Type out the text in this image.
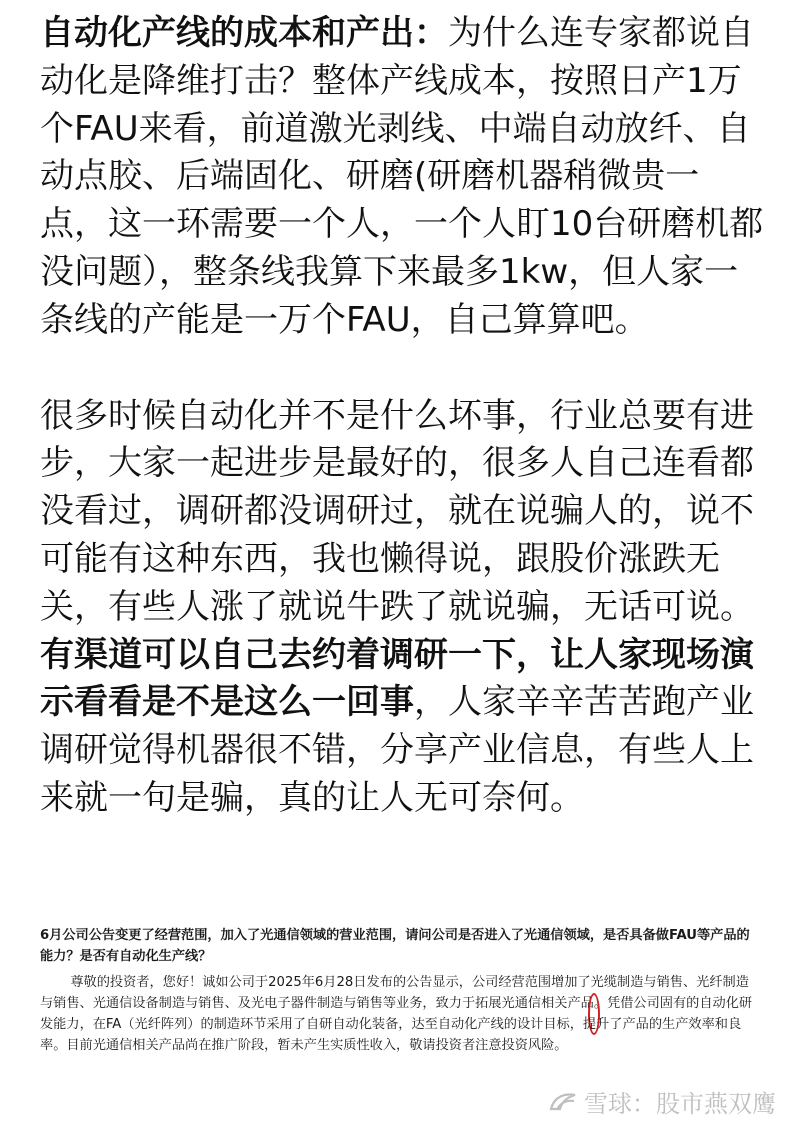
自动化产线的成本和产出：为什么连专家都说自动化是降维打击？整体产线成本，按照日产1万个FAU来看，前道激光剥线、中端自动放纤、自动点胶、后端固化、研磨(研磨机器稍微贵一点，这一环需要一个人，一个人盯10台研磨机都没问题），整条线我算下来最多1kw，但人家一条线的产能是一万个FAU，自己算算吧。

很多时候自动化并不是什么坏事，行业总要有进步，大家一起进步是最好的，很多人自己连看都没看过，调研都没调研过，就在说骗人的，说不可能有这种东西，我也懒得说，跟股价涨跌无关，有些人涨了就说牛跌了就说骗，无话可说。

有渠道可以自己去约着调研一下，让人家现场演示看看是不是这么一回事，人家辛辛苦苦跑产业调研觉得机器很不错，分享产业信息，有些人上来就一句是骗，真的让人无可奈何。

6月公司公告变更了经营范围，加入了光通信领域的营业范围，请问公司是否进入了光通信领域，是否具备做FAU等产品的能力？是否有自动化生产线？

尊敬的投资者，您好！诚如公司于2025年6月28日发布的公告显示，公司经营范围增加了光缆制造与销售、光纤制造与销售、光通信设备制造与销售、及光电子器件制造与销售等业务，致力于拓展光通信相关产品。凭借公司固有的自动化研发能力
，在FA（光纤阵列）的制造环节采用了自研自动化装备，达至自动化产线的设计目标，提升了产品的生产效率和良率
。目前光通信相关产品尚在推广阶段，暂未产生实质性收入，敬请投资者注意投资风险。

雪球：股市燕双鹰
